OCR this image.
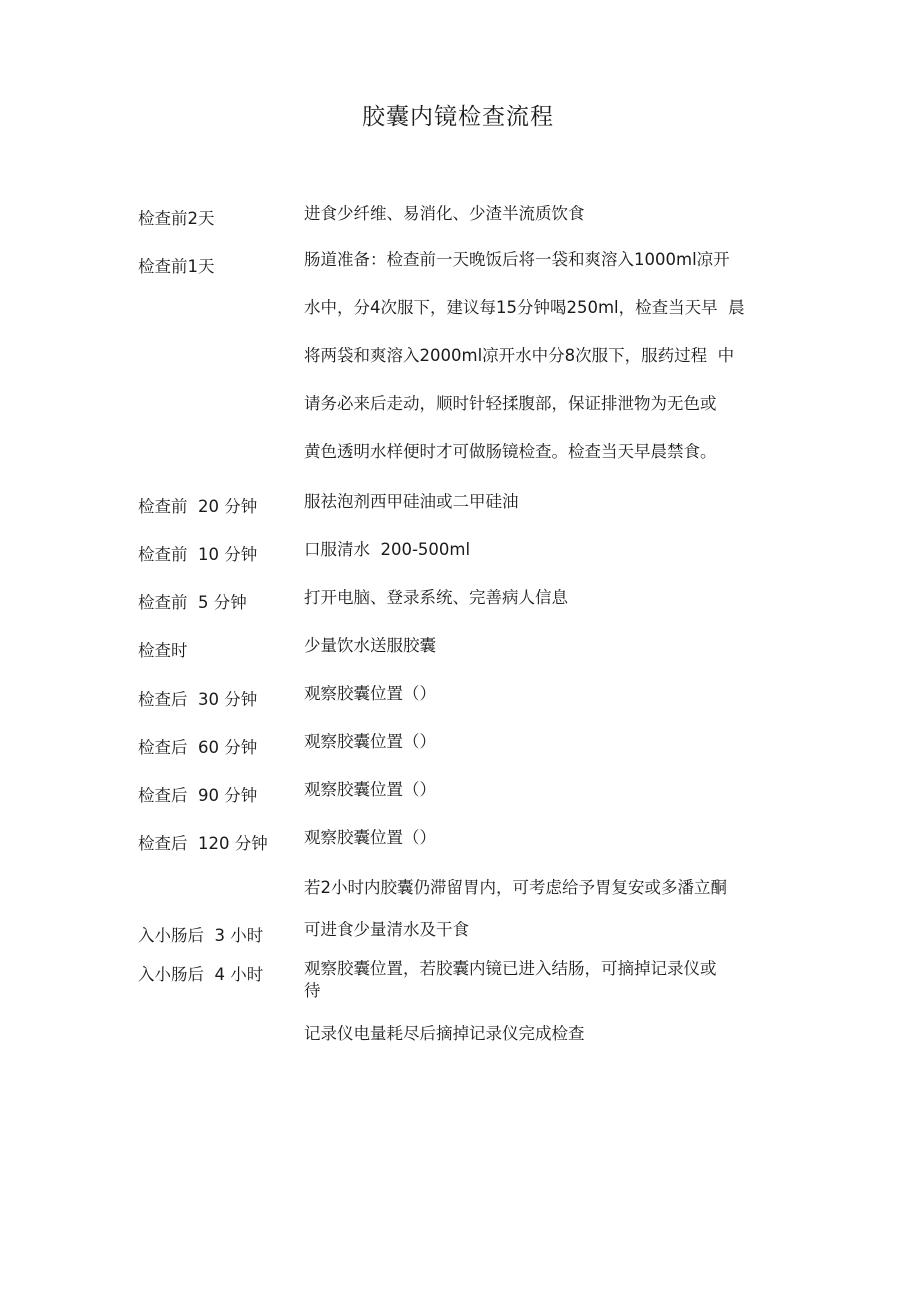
胶囊内镜检查流程
检查前2天	进食少纤维、易消化、少渣半流质饮食
检查前1天	肠道准备：检查前一天晚饭后将一袋和爽溶入1000ml凉开
水中，分4次服下，建议每15分钟喝250ml，检查当天早  晨
将两袋和爽溶入2000ml凉开水中分8次服下，服药过程  中
请务必来后走动，顺时针轻揉腹部，保证排泄物为无色或
黄色透明水样便时才可做肠镜检查。检查当天早晨禁食。
检查前  20 分钟	服祛泡剂西甲硅油或二甲硅油
检查前  10 分钟	口服清水  200-500ml
检查前  5 分钟	打开电脑、登录系统、完善病人信息
检查时	少量饮水送服胶囊
检查后  30 分钟	观察胶囊位置（）
检查后  60 分钟	观察胶囊位置（）
检查后  90 分钟	观察胶囊位置（）
检查后  120 分钟 观察胶囊位置（）
若2小时内胶囊仍滞留胃内，可考虑给予胃复安或多潘立酮
入小肠后  3 小时 可进食少量清水及干食
入小肠后  4 小时 观察胶囊位置，若胶囊内镜已进入结肠，可摘掉记录仪或
待
记录仪电量耗尽后摘掉记录仪完成检查
